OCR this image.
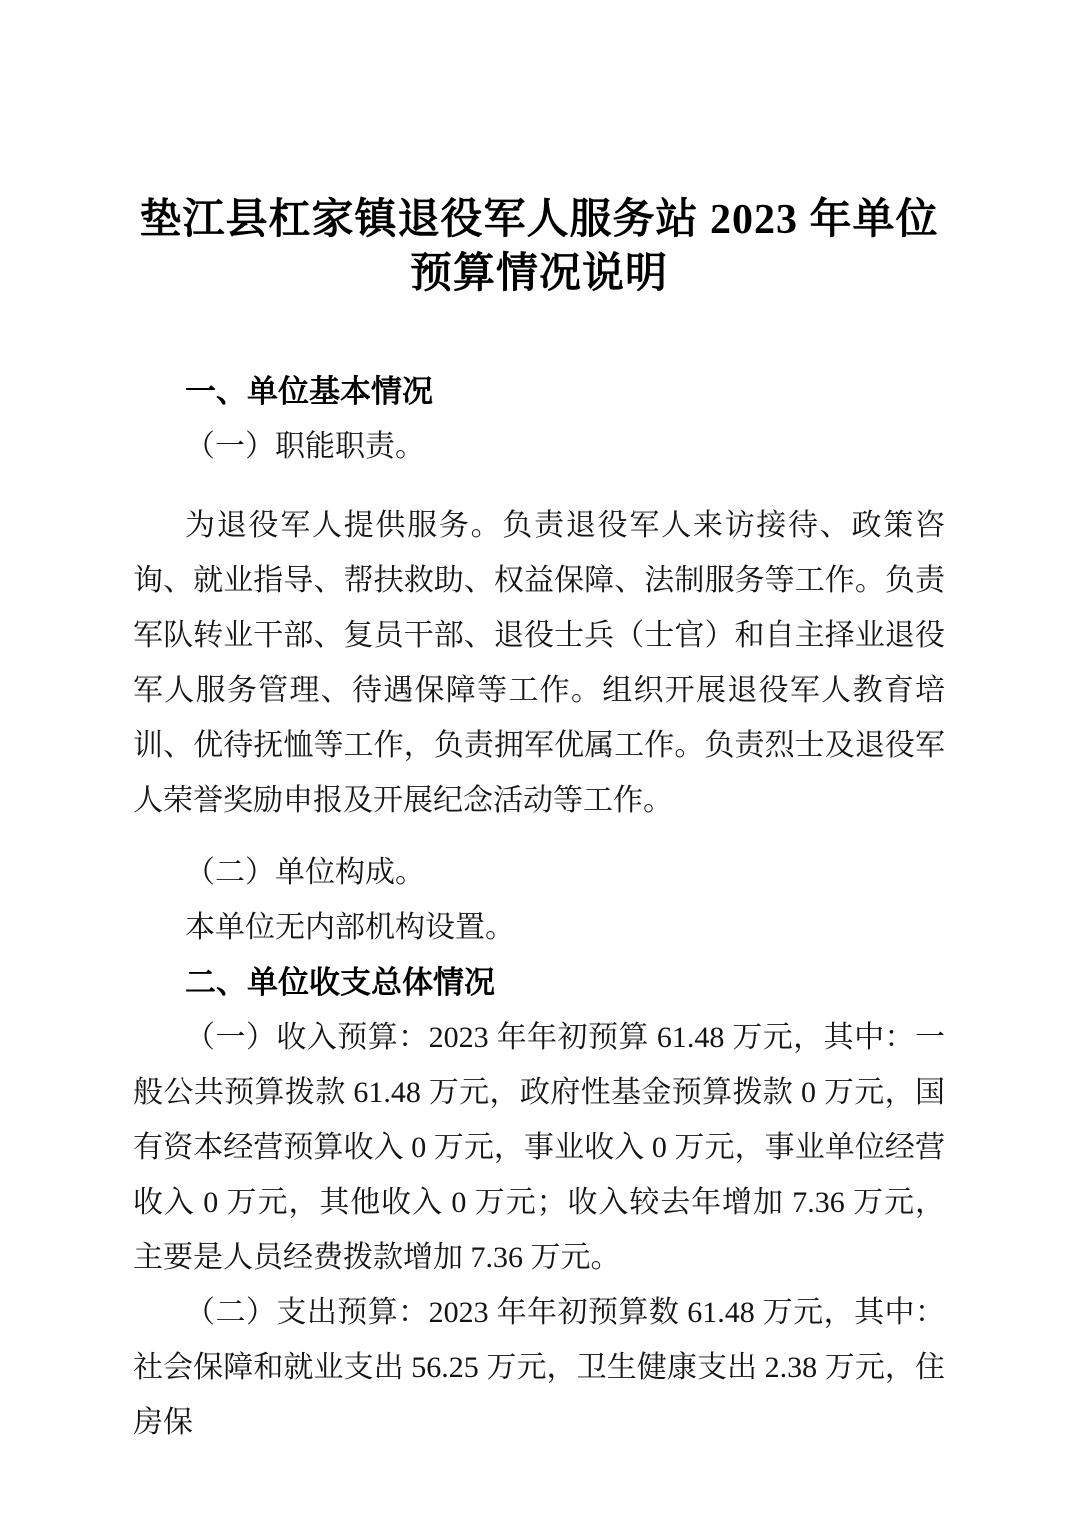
垫江县杠家镇退役军人服务站 2023 年单位
预算情况说明

一、单位基本情况

（一）职能职责。

为退役军人提供服务。负责退役军人来访接待、政策咨询、就业指导、帮扶救助、权益保障、法制服务等工作。负责军队转业干部、复员干部、退役士兵（士官）和自主择业退役军人服务管理、待遇保障等工作。组织开展退役军人教育培训、优待抚恤等工作，负责拥军优属工作。负责烈士及退役军人荣誉奖励申报及开展纪念活动等工作。

（二）单位构成。

本单位无内部机构设置。

二、单位收支总体情况

（一）收入预算：2023 年年初预算 61.48 万元，其中：一般公共预算拨款 61.48 万元，政府性基金预算拨款 0 万元，国有资本经营预算收入 0 万元，事业收入 0 万元，事业单位经营收入 0 万元，其他收入 0 万元；收入较去年增加 7.36 万元，主要是人员经费拨款增加 7.36 万元。

（二）支出预算：2023 年年初预算数 61.48 万元，其中：社会保障和就业支出 56.25 万元，卫生健康支出 2.38 万元，住房保
